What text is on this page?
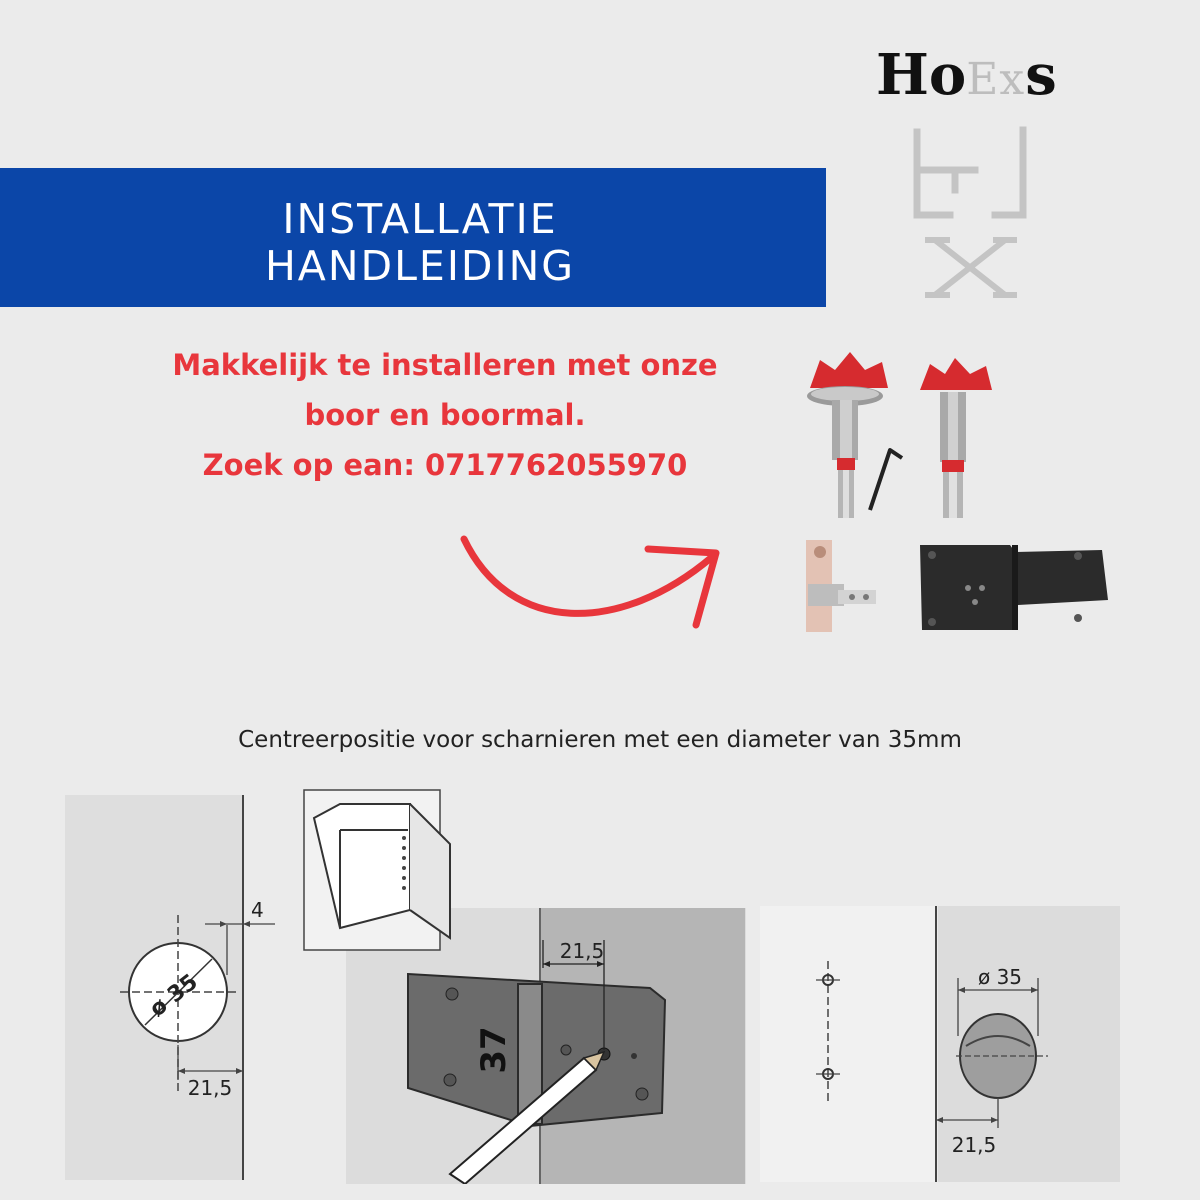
HoExs
INSTALLATIE
HANDLEIDING
Makkelijk te installeren met onze
boor en boormal.
Zoek op ean: 0717762055970
Centreerpositie voor scharnieren met een diameter van 35mm
4
ø 35
21,5
37
21,5
ø 35
21,5
